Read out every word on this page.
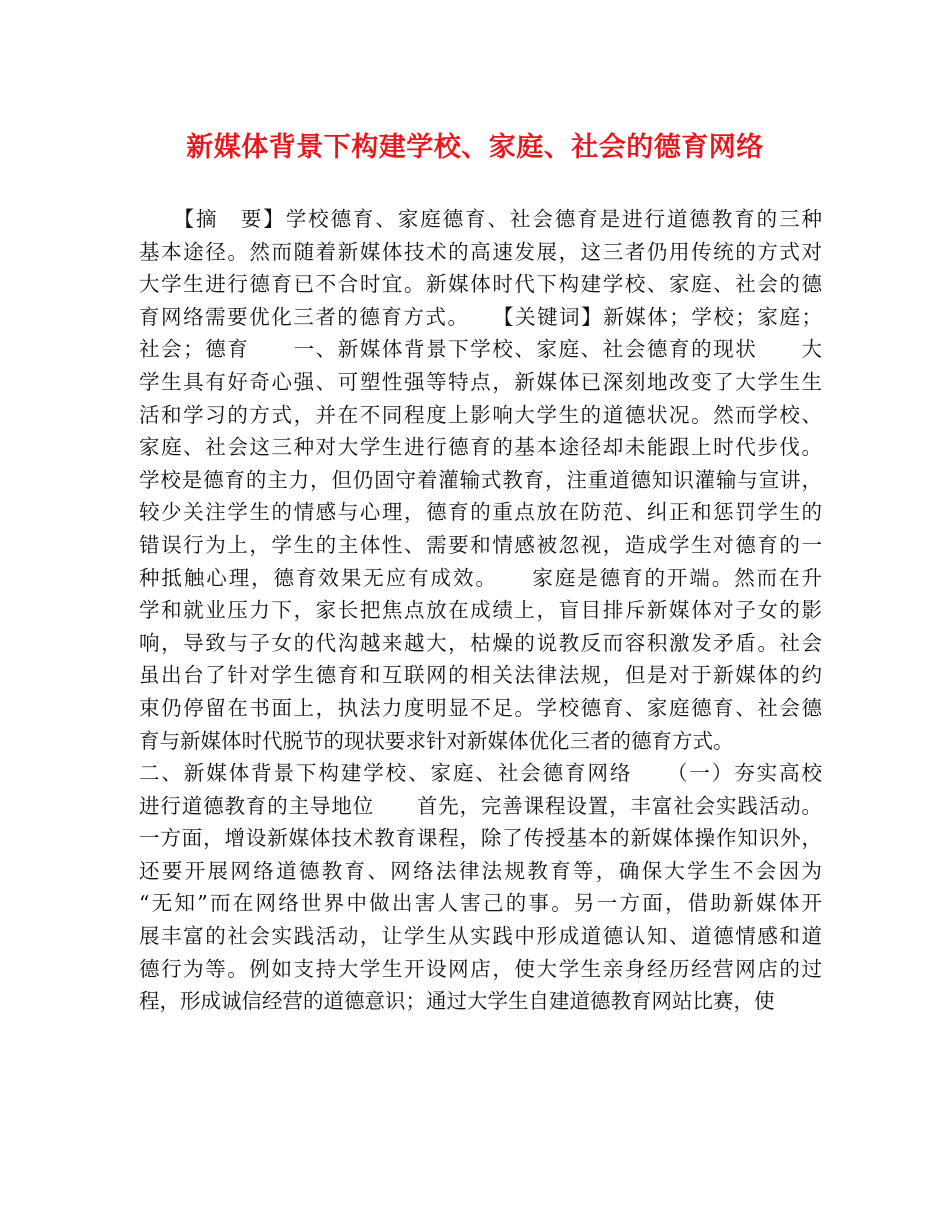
新媒体背景下构建学校、家庭、社会的德育网络
　　【摘　要】学校德育、家庭德育、社会德育是进行道德教育的三种
基本途径。然而随着新媒体技术的高速发展，这三者仍用传统的方式对
大学生进行德育已不合时宜。新媒体时代下构建学校、家庭、社会的德
育网络需要优化三者的德育方式。　　【关键词】新媒体；学校；家庭；
社会；德育　　一、新媒体背景下学校、家庭、社会德育的现状　　大
学生具有好奇心强、可塑性强等特点，新媒体已深刻地改变了大学生生
活和学习的方式，并在不同程度上影响大学生的道德状况。然而学校、
家庭、社会这三种对大学生进行德育的基本途径却未能跟上时代步伐。
学校是德育的主力，但仍固守着灌输式教育，注重道德知识灌输与宣讲，
较少关注学生的情感与心理，德育的重点放在防范、纠正和惩罚学生的
错误行为上，学生的主体性、需要和情感被忽视，造成学生对德育的一
种抵触心理，德育效果无应有成效。　　家庭是德育的开端。然而在升
学和就业压力下，家长把焦点放在成绩上，盲目排斥新媒体对子女的影
响，导致与子女的代沟越来越大，枯燥的说教反而容积激发矛盾。社会
虽出台了针对学生德育和互联网的相关法律法规，但是对于新媒体的约
束仍停留在书面上，执法力度明显不足。学校德育、家庭德育、社会德
育与新媒体时代脱节的现状要求针对新媒体优化三者的德育方式。
二、新媒体背景下构建学校、家庭、社会德育网络　　（一）夯实高校
进行道德教育的主导地位　　首先，完善课程设置，丰富社会实践活动。
一方面，增设新媒体技术教育课程，除了传授基本的新媒体操作知识外，
还要开展网络道德教育、网络法律法规教育等，确保大学生不会因为
“无知”而在网络世界中做出害人害己的事。另一方面，借助新媒体开
展丰富的社会实践活动，让学生从实践中形成道德认知、道德情感和道
德行为等。例如支持大学生开设网店，使大学生亲身经历经营网店的过
程，形成诚信经营的道德意识；通过大学生自建道德教育网站比赛，使
